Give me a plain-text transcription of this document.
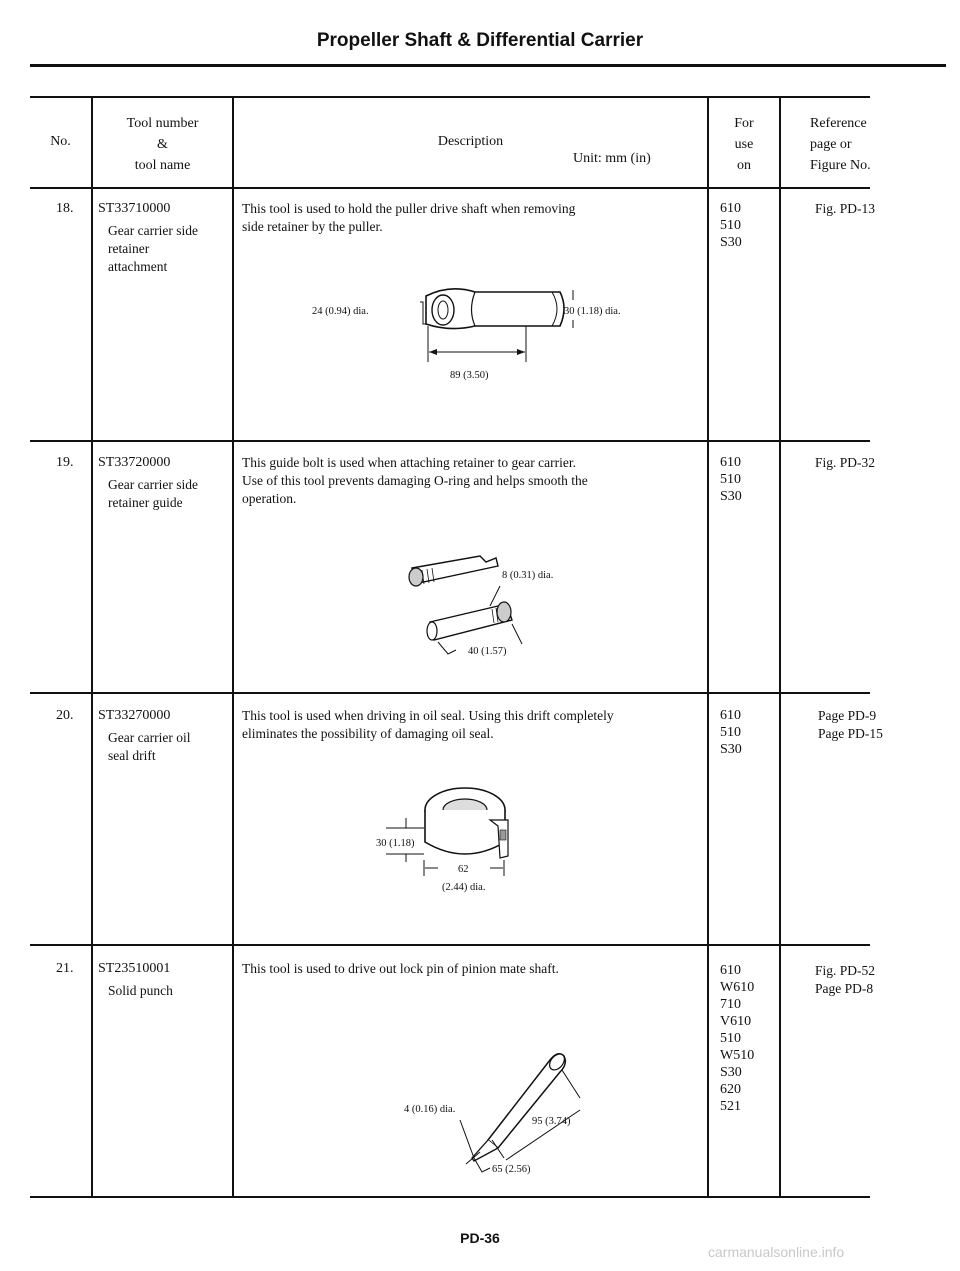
Propeller Shaft & Differential Carrier
No.
Tool number
&
tool name
Description
Unit: mm (in)
For
use
on
Reference
page or
Figure No.
18. ST33710000
Gear carrier side
retainer
attachment
This tool is used to hold the puller drive shaft when removing
side retainer by the puller.
610
510
S30
Fig. PD-13
24 (0.94) dia.	30 (1.18) dia.
89 (3.50)
19. ST33720000
Gear carrier side
retainer guide
This guide bolt is used when attaching retainer to gear carrier.
Use of this tool prevents damaging O-ring and helps smooth the
operation.
610
510
S30
Fig. PD-32
8 (0.31) dia.
40 (1.57)
20. ST33270000
Gear carrier oil
seal drift
This tool is used when driving in oil seal. Using this drift completely
eliminates the possibility of damaging oil seal.
610
510
S30
Page PD-9
Page PD-15
30 (1.18)
62
(2.44) dia.
21. ST23510001
Solid punch
This tool is used to drive out lock pin of pinion mate shaft.	610
W610
710
V610
510
W510
S30
620
521
Fig. PD-52
Page PD-8
4 (0.16) dia.
95 (3.74)
65 (2.56)
PD-36
carmanualsonline.info
